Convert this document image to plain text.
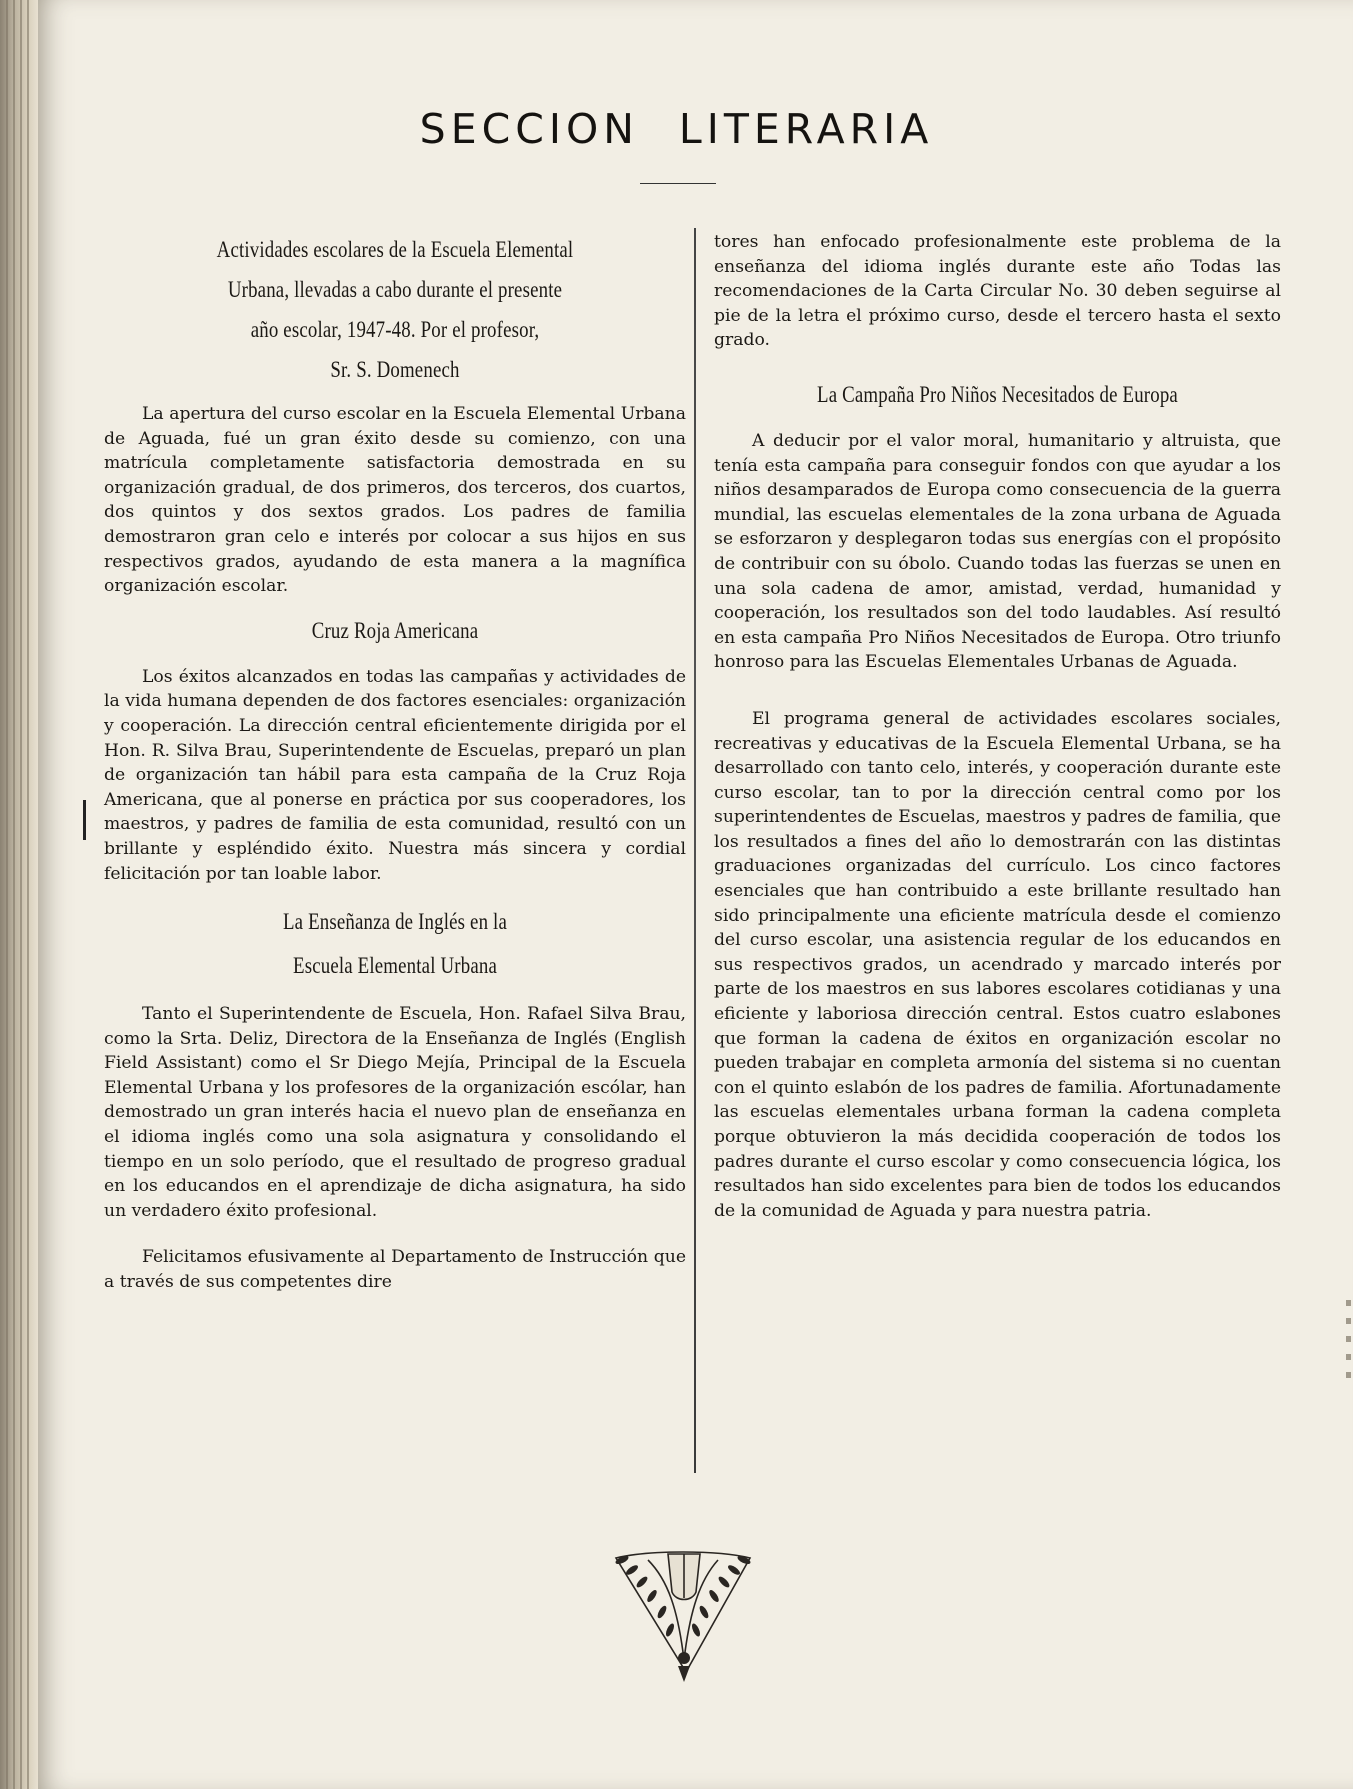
SECCION LITERARIA
Actividades escolares de la Escuela Elemental
Urbana, llevadas a cabo durante el presente
año escolar, 1947-48. Por el profesor,
Sr. S. Domenech

La apertura del curso escolar en la Escuela Elemental Urbana de Aguada, fué un gran éxito desde su comienzo, con una matrícula completamente satisfactoria demostrada en su organización gradual, de dos primeros, dos terceros, dos cuartos, dos quintos y dos sextos grados. Los padres de familia demostraron gran celo e interés por colocar a sus hijos en sus respectivos grados, ayudando de esta manera a la magnífica organización escolar.

Cruz Roja Americana

Los éxitos alcanzados en todas las campañas y actividades de la vida humana dependen de dos factores esenciales: organización y cooperación. La dirección central eficientemente dirigida por el Hon. R. Silva Brau, Superintendente de Escuelas, preparó un plan de organización tan hábil para esta campaña de la Cruz Roja Americana, que al ponerse en práctica por sus cooperadores, los maestros, y padres de familia de esta comunidad, resultó con un brillante y espléndido éxito. Nuestra más sincera y cordial felicitación por tan loable labor.

La Enseñanza de Inglés en la
Escuela Elemental Urbana

Tanto el Superintendente de Escuela, Hon. Rafael Silva Brau, como la Srta. Deliz, Directora de la Enseñanza de Inglés (English Field Assistant) como el Sr Diego Mejía, Principal de la Escuela Elemental Urbana y los profesores de la organización escólar, han demostrado un gran interés hacia el nuevo plan de enseñanza en el idioma inglés como una sola asignatura y consolidando el tiempo en un solo período, que el resultado de progreso gradual en los educandos en el aprendizaje de dicha asignatura, ha sido un verdadero éxito profesional.

Felicitamos efusivamente al Departamento de Instrucción que a través de sus competentes dire

tores han enfocado profesionalmente este problema de la enseñanza del idioma inglés durante este año Todas las recomendaciones de la Carta Circular No. 30 deben seguirse al pie de la letra el próximo curso, desde el tercero hasta el sexto grado.

La Campaña Pro Niños Necesitados de Europa

A deducir por el valor moral, humanitario y altruista, que tenía esta campaña para conseguir fondos con que ayudar a los niños desamparados de Europa como consecuencia de la guerra mundial, las escuelas elementales de la zona urbana de Aguada se esforzaron y desplegaron todas sus energías con el propósito de contribuir con su óbolo. Cuando todas las fuerzas se unen en una sola cadena de amor, amistad, verdad, humanidad y cooperación, los resultados son del todo laudables. Así resultó en esta campaña Pro Niños Necesitados de Europa. Otro triunfo honroso para las Escuelas Elementales Urbanas de Aguada.

El programa general de actividades escolares sociales, recreativas y educativas de la Escuela Elemental Urbana, se ha desarrollado con tanto celo, interés, y cooperación durante este curso escolar, tan to por la dirección central como por los superintendentes de Escuelas, maestros y padres de familia, que los resultados a fines del año lo demostrarán con las distintas graduaciones organizadas del currículo. Los cinco factores esenciales que han contribuido a este brillante resultado han sido principalmente una eficiente matrícula desde el comienzo del curso escolar, una asistencia regular de los educandos en sus respectivos grados, un acendrado y marcado interés por parte de los maestros en sus labores escolares cotidianas y una eficiente y laboriosa dirección central. Estos cuatro eslabones que forman la cadena de éxitos en organización escolar no pueden trabajar en completa armonía del sistema si no cuentan con el quinto eslabón de los padres de familia. Afortunadamente las escuelas elementales urbana forman la cadena completa porque obtuvieron la más decidida cooperación de todos los padres durante el curso escolar y como consecuencia lógica, los resultados han sido excelentes para bien de todos los educandos de la comunidad de Aguada y para nuestra patria.
